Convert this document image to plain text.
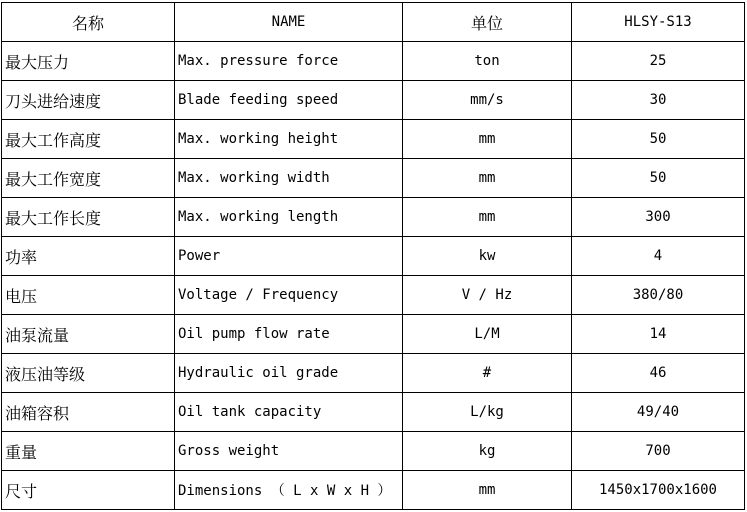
名称	NAME	单位	HLSY-S13
最大压力	Max. pressure force	ton	25
刀头进给速度	Blade feeding speed	mm/s	30
最大工作高度	Max. working height	mm	50
最大工作宽度	Max. working width	mm	50
最大工作长度	Max. working length	mm	300
功率	Power	kw	4
电压	Voltage / Frequency	V / Hz	380/80
油泵流量	Oil pump flow rate	L/M	14
液压油等级	Hydraulic oil grade	#	46
油箱容积	Oil tank capacity	L/kg	49/40
重量	Gross weight	kg	700
尺寸	Dimensions （ L x W x H ）	mm	1450x1700x1600
